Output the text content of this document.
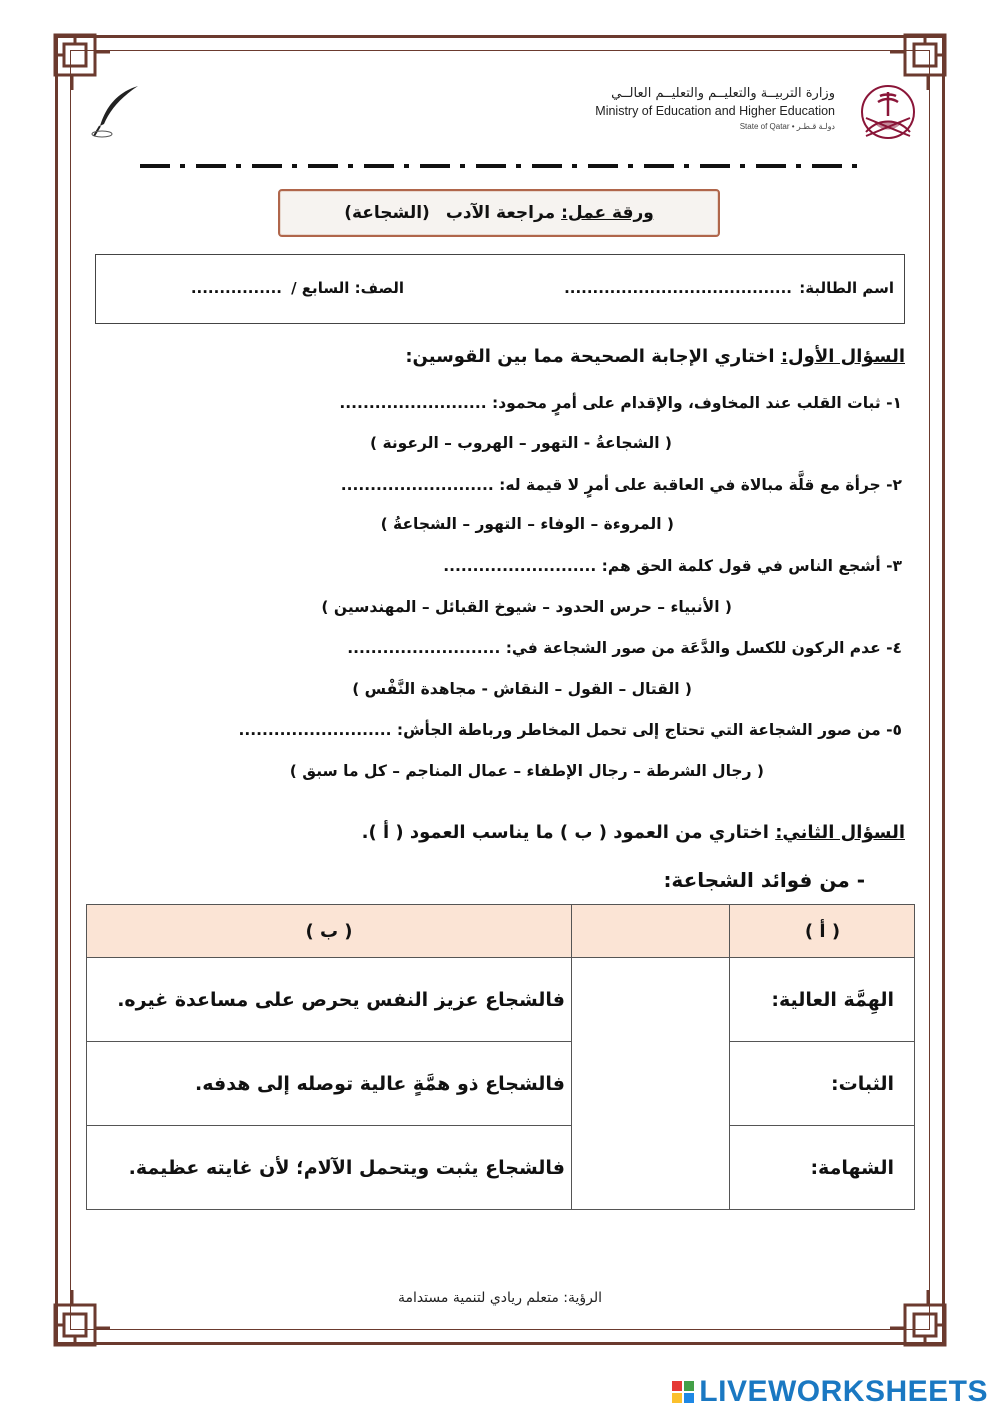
وزارة التربيــة والتعليــم والتعليــم العالــي
Ministry of Education and Higher Education
State of Qatar • دولـة قـطـر
ورقة عمل:
مراجعة الآدب
(الشجاعة)
اسم الطالبة:
........................................
الصف: السابع /
................
السؤال الأول: اختاري الإجابة الصحيحة مما بين القوسين:
١- ثبات القلب عند المخاوف، والإقدام على أمرٍ محمود: .........................
( الشجاعةُ - التهور – الهروب – الرعونة )
٢- جرأة مع قلَّة مبالاة في العاقبة على أمرٍ لا قيمة له: ..........................
( المروءة – الوفاء – التهور – الشجاعةُ )
٣- أشجع الناس في قول كلمة الحق هم: ..........................
( الأنبياء – حرس الحدود – شيوخ القبائل – المهندسين )
٤- عدم الركون للكسل والدَّعَة من صور الشجاعة في: ..........................
( القتال – القول – النقاش - مجاهدة النَّفْس )
٥- من صور الشجاعة التي تحتاج إلى تحمل المخاطر ورباطة الجأش: ..........................
( رجال الشرطة – رجال الإطفاء – عمال المناجم – كل ما سبق )
السؤال الثاني: اختاري من العمود ( ب ) ما يناسب العمود ( أ ).
- من فوائد الشجاعة:
( أ )		( ب )
الهِمَّة العالية:		فالشجاع عزيز النفس يحرص على مساعدة غيره.
الثبات:		فالشجاع ذو همَّةٍ عالية توصله إلى هدفه.
الشهامة:		فالشجاع يثبت ويتحمل الآلام؛ لأن غايته عظيمة.
الرؤية: متعلم ريادي لتنمية مستدامة
LIVEWORKSHEETS
